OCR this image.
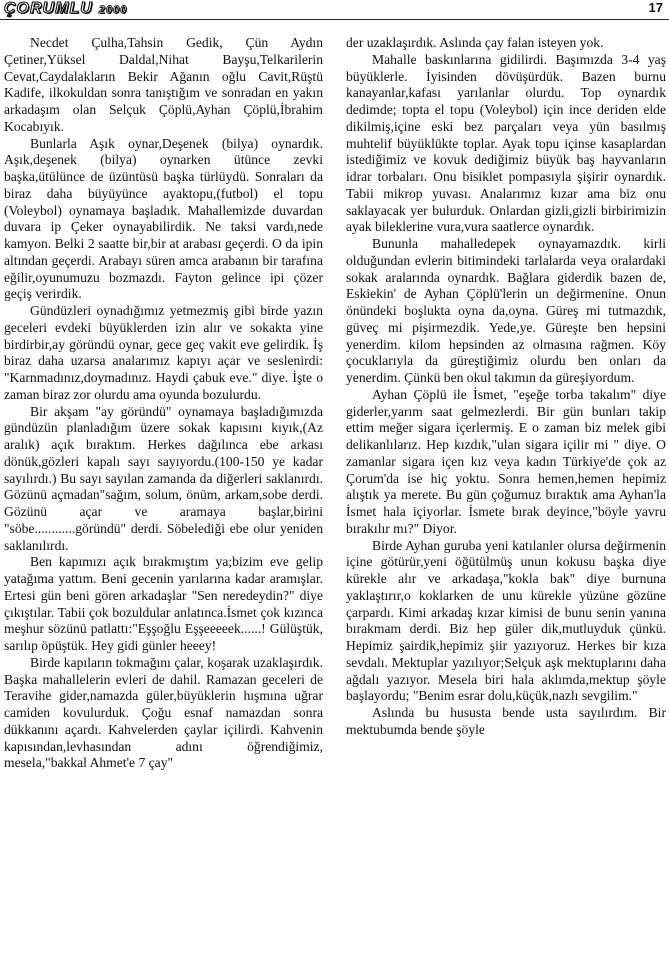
ÇORUMLU 2000	17

Necdet Çulha,Tahsin Gedik, Çün Aydın Çetiner,Yüksel Daldal,Nihat Bayşu,Telkarilerin Cevat,Caydalakların Bekir Ağanın oğlu Cavit,Rüştü Kadife, ilkokuldan sonra tanıştığım ve sonradan en yakın arkadaşım olan Selçuk Çöplü,Ayhan Çöplü,İbrahim Kocabıyık.

Bunlarla Aşık oynar,Deşenek (bilya) oynardık. Aşık,deşenek (bilya) oynarken ütünce zevki başka,ütülünce de üzüntüsü başka türlüydü. Sonraları da biraz daha büyüyünce ayaktopu,(futbol) el topu (Voleybol) oynamaya başladık. Mahallemizde duvardan duvara ip Çeker oynayabilirdik. Ne taksi vardı,nede kamyon. Belki 2 saatte bir,bir at arabası geçerdi. O da ipin altından geçerdi. Arabayı süren amca arabanın bir tarafına eğilir,oyunumuzu bozmazdı. Fayton gelince ipi çözer geçiş verirdik.

Gündüzleri oynadığımız yetmezmiş gibi birde yazın geceleri evdeki büyüklerden izin alır ve sokakta yine birdirbir,ay göründü oynar, gece geç vakit eve gelirdik. İş biraz daha uzarsa analarımız kapıyı açar ve seslenirdi: "Karnmadınız,doymadınız. Haydi çabuk eve." diye. İşte o zaman biraz zor olurdu ama oyunda bozulurdu.

Bir akşam "ay göründü" oynamaya başladığımızda gündüzün planladığım üzere sokak kapısını kıyık,(Az aralık) açık bıraktım. Herkes dağılınca ebe arkası dönük,gözleri kapalı sayı sayıyordu.(100-150 ye kadar sayılırdı.) Bu sayı sayılan zamanda da diğerleri saklanırdı. Gözünü açmadan"sağım, solum, önüm, arkam,sobe derdi. Gözünü açar ve aramaya başlar,birini "söbe............göründü" derdi. Söbelediği ebe olur yeniden saklanılırdı.

Ben kapımızı açık bırakmıştım ya;bizim eve gelip yatağıma yattım. Beni gecenin yarılarına kadar aramışlar. Ertesi gün beni gören arkadaşlar "Sen neredeydin?" diye çıkıştılar. Tabii çok bozuldular anlatınca.İsmet çok kızınca meşhur sözünü patlattı:"Eşşoğlu Eşşeeeeek......! Gülüştük, sarılıp öpüştük. Hey gidi günler heeey!

Birde kapıların tokmağını çalar, koşarak uzaklaşırdık. Başka mahallelerin evleri de dahil. Ramazan geceleri de Teravihe gider,namazda güler,büyüklerin hışmına uğrar camiden kovulurduk. Çoğu esnaf namazdan sonra dükkanını açardı. Kahvelerden çaylar içilirdi. Kahvenin kapısından,levhasından adını öğrendiğimiz, mesela,"bakkal Ahmet'e 7 çay"

der uzaklaşırdık. Aslında çay falan isteyen yok.

Mahalle baskınlarına gidilirdi. Başımızda 3-4 yaş büyüklerle. İyisinden dövüşürdük. Bazen burnu kanayanlar,kafası yarılanlar olurdu. Top oynardık dedimde; topta el topu (Voleybol) için ince deriden elde dikilmiş,içine eski bez parçaları veya yün basılmış muhtelif büyüklükte toplar. Ayak topu içinse kasaplardan istediğimiz ve kovuk dediğimiz büyük baş hayvanların idrar torbaları. Onu bisiklet pompasıyla şişirir oynardık. Tabii mikrop yuvası. Analarımız kızar ama biz onu saklayacak yer bulurduk. Onlardan gizli,gizli birbirimizin ayak bileklerine vura,vura saatlerce oynardık.

Bununla mahalledepek oynayamazdık. kirli olduğundan evlerin bitimindeki tarlalarda veya oralardaki sokak aralarında oynardık. Bağlara giderdik bazen de, Eskiekin' de Ayhan Çöplü'lerin un değirmenine. Onun önündeki boşlukta oyna da,oyna. Güreş mi tutmazdık, güveç mi pişirmezdik. Yede,ye. Güreşte ben hepsini yenerdim. kilom hepsinden az olmasına rağmen. Köy çocuklarıyla da güreştiğimiz olurdu ben onları da yenerdim. Çünkü ben okul takımın da güreşiyordum.

Ayhan Çöplü ile İsmet, "eşeğe torba takalım" diye giderler,yarım saat gelmezlerdi. Bir gün bunları takip ettim meğer sigara içerlermiş. E o zaman biz melek gibi delikanlılarız. Hep kızdık,"ulan sigara içilir mi " diye. O zamanlar sigara içen kız veya kadın Türkiye'de çok az Çorum'da ise hiç yoktu. Sonra hemen,hemen hepimiz alıştık ya merete. Bu gün çoğumuz bıraktık ama Ayhan'la İsmet hala içiyorlar. İsmete bırak deyince,"böyle yavru bırakılır mı?" Diyor.

Birde Ayhan guruba yeni katılanler olursa değirmenin içine götürür,yeni öğütülmüş unun kokusu başka diye kürekle alır ve arkadaşa,"kokla bak" diye burnuna yaklaştırır,o koklarken de unu kürekle yüzüne gözüne çarpardı. Kimi arkadaş kızar kimisi de bunu senin yanına bırakmam derdi. Biz hep güler dik,mutluyduk çünkü. Hepimiz şairdik,hepimiz şiir yazıyoruz. Herkes bir kıza sevdalı. Mektuplar yazılıyor;Selçuk aşk mektuplarını daha ağdalı yazıyor. Mesela biri hala aklımda,mektup şöyle başlayordu; "Benim esrar dolu,küçük,nazlı sevgilim."

Aslında bu hususta bende usta sayılırdım. Bir mektubumda bende şöyle
